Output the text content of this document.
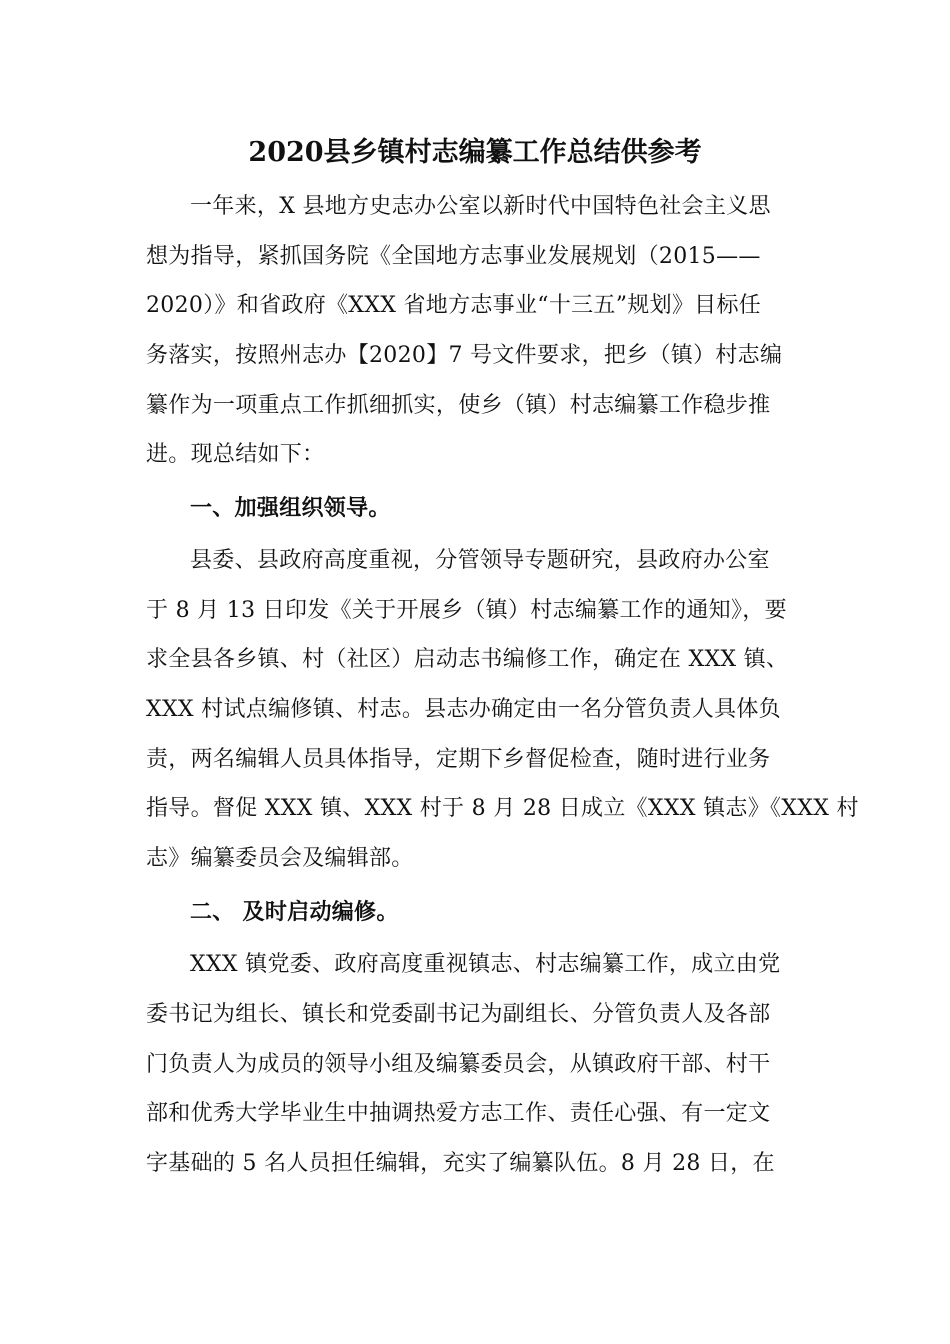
2020县乡镇村志编纂工作总结供参考
一年来，X 县地方史志办公室以新时代中国特色社会主义思
想为指导，紧抓国务院《全国地方志事业发展规划（2015——
2020）》和省政府《XXX 省地方志事业“十三五”规划》目标任
务落实，按照州志办【2020】7 号文件要求，把乡（镇）村志编
纂作为一项重点工作抓细抓实，使乡（镇）村志编纂工作稳步推
进。现总结如下：
一、加强组织领导。
县委、县政府高度重视，分管领导专题研究，县政府办公室
于 8 月 13 日印发《关于开展乡（镇）村志编纂工作的通知》，要
求全县各乡镇、村（社区）启动志书编修工作，确定在 XXX 镇、
XXX 村试点编修镇、村志。县志办确定由一名分管负责人具体负
责，两名编辑人员具体指导，定期下乡督促检查，随时进行业务
指导。督促 XXX 镇、XXX 村于 8 月 28 日成立《XXX 镇志》《XXX 村
志》编纂委员会及编辑部。
二、 及时启动编修。
XXX 镇党委、政府高度重视镇志、村志编纂工作，成立由党
委书记为组长、镇长和党委副书记为副组长、分管负责人及各部
门负责人为成员的领导小组及编纂委员会，从镇政府干部、村干
部和优秀大学毕业生中抽调热爱方志工作、责任心强、有一定文
字基础的 5 名人员担任编辑，充实了编纂队伍。8 月 28 日，在
